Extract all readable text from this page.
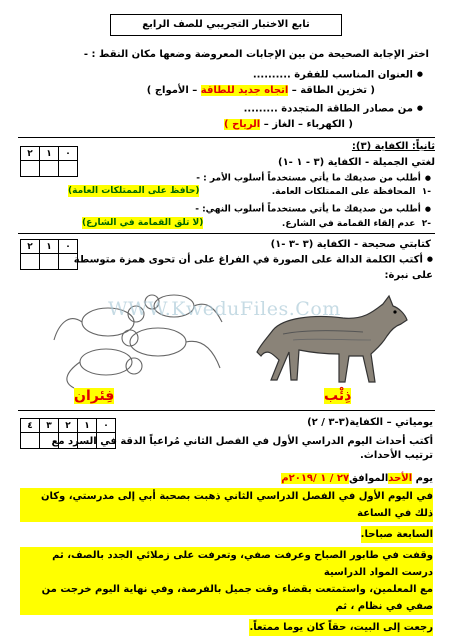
تابع الاختبار التجريبي للصف الرابع
اختر الإجابة الصحيحة من بين الإجابات المعروضة وضعها مكان النقط : -
● العنوان المناسب للفقرة ..........
( تخزين الطاقة – اتجاه جديد للطاقة – الأمواج )
● من مصادر الطاقة المتجددة .........
( الكهرباء – الغاز – الرياح )
ثانياً: الكفاية (٣):
لغتي الجميلة - الكفاية (٣ - ١ -١)
٢	١	٠

● أطلب من صديقك ما يأتي مستخدماً أسلوب الأمر : -
-١  المحافظة على الممتلكات العامة.
(حافظ على الممتلكات العامة)
● أطلب من صديقك ما يأتي مستخدماً أسلوب النهي: -
-٢  عدم إلقاء القمامة في الشارع.
(لا تلق القمامة في الشارع)
كتابتي صحيحة - الكفاية (٣ -٣ -١)
٢	١	٠

● أكتب الكلمة الدالة على الصورة في الفراغ على أن تحوى همزة متوسطة
على نبرة:
WWW.KweduFiles.Com
ذِئْب
فِئران
يومياتي – الكفاية(٣-٣ / ٢)
٤	٣	٢	١	٠

أكتب أحداث اليوم الدراسي الأول في الفصل الثاني مُراعياً الدقة في السرد مع
ترتيب الأحداث.
يوم الأحدالموافق٢٧ / ١ /٢٠١٩م
في اليوم الأول في الفصل الدراسي الثاني ذهبت بصحبة أبي إلى مدرستي، وكان ذلك في الساعة
السابعة صباحا.
وقفت في طابور الصباح وعرفت صفي، وتعرفت على زملائي الجدد بالصف، ثم درست المواد الدراسية
مع المعلمين، واستمتعت بقضاء وقت جميل بالفرصة، وفي نهاية اليوم خرجت من صفي في نظام ، ثم
رجعت إلى البيت، حقاً كان يوما ممتعاً.
